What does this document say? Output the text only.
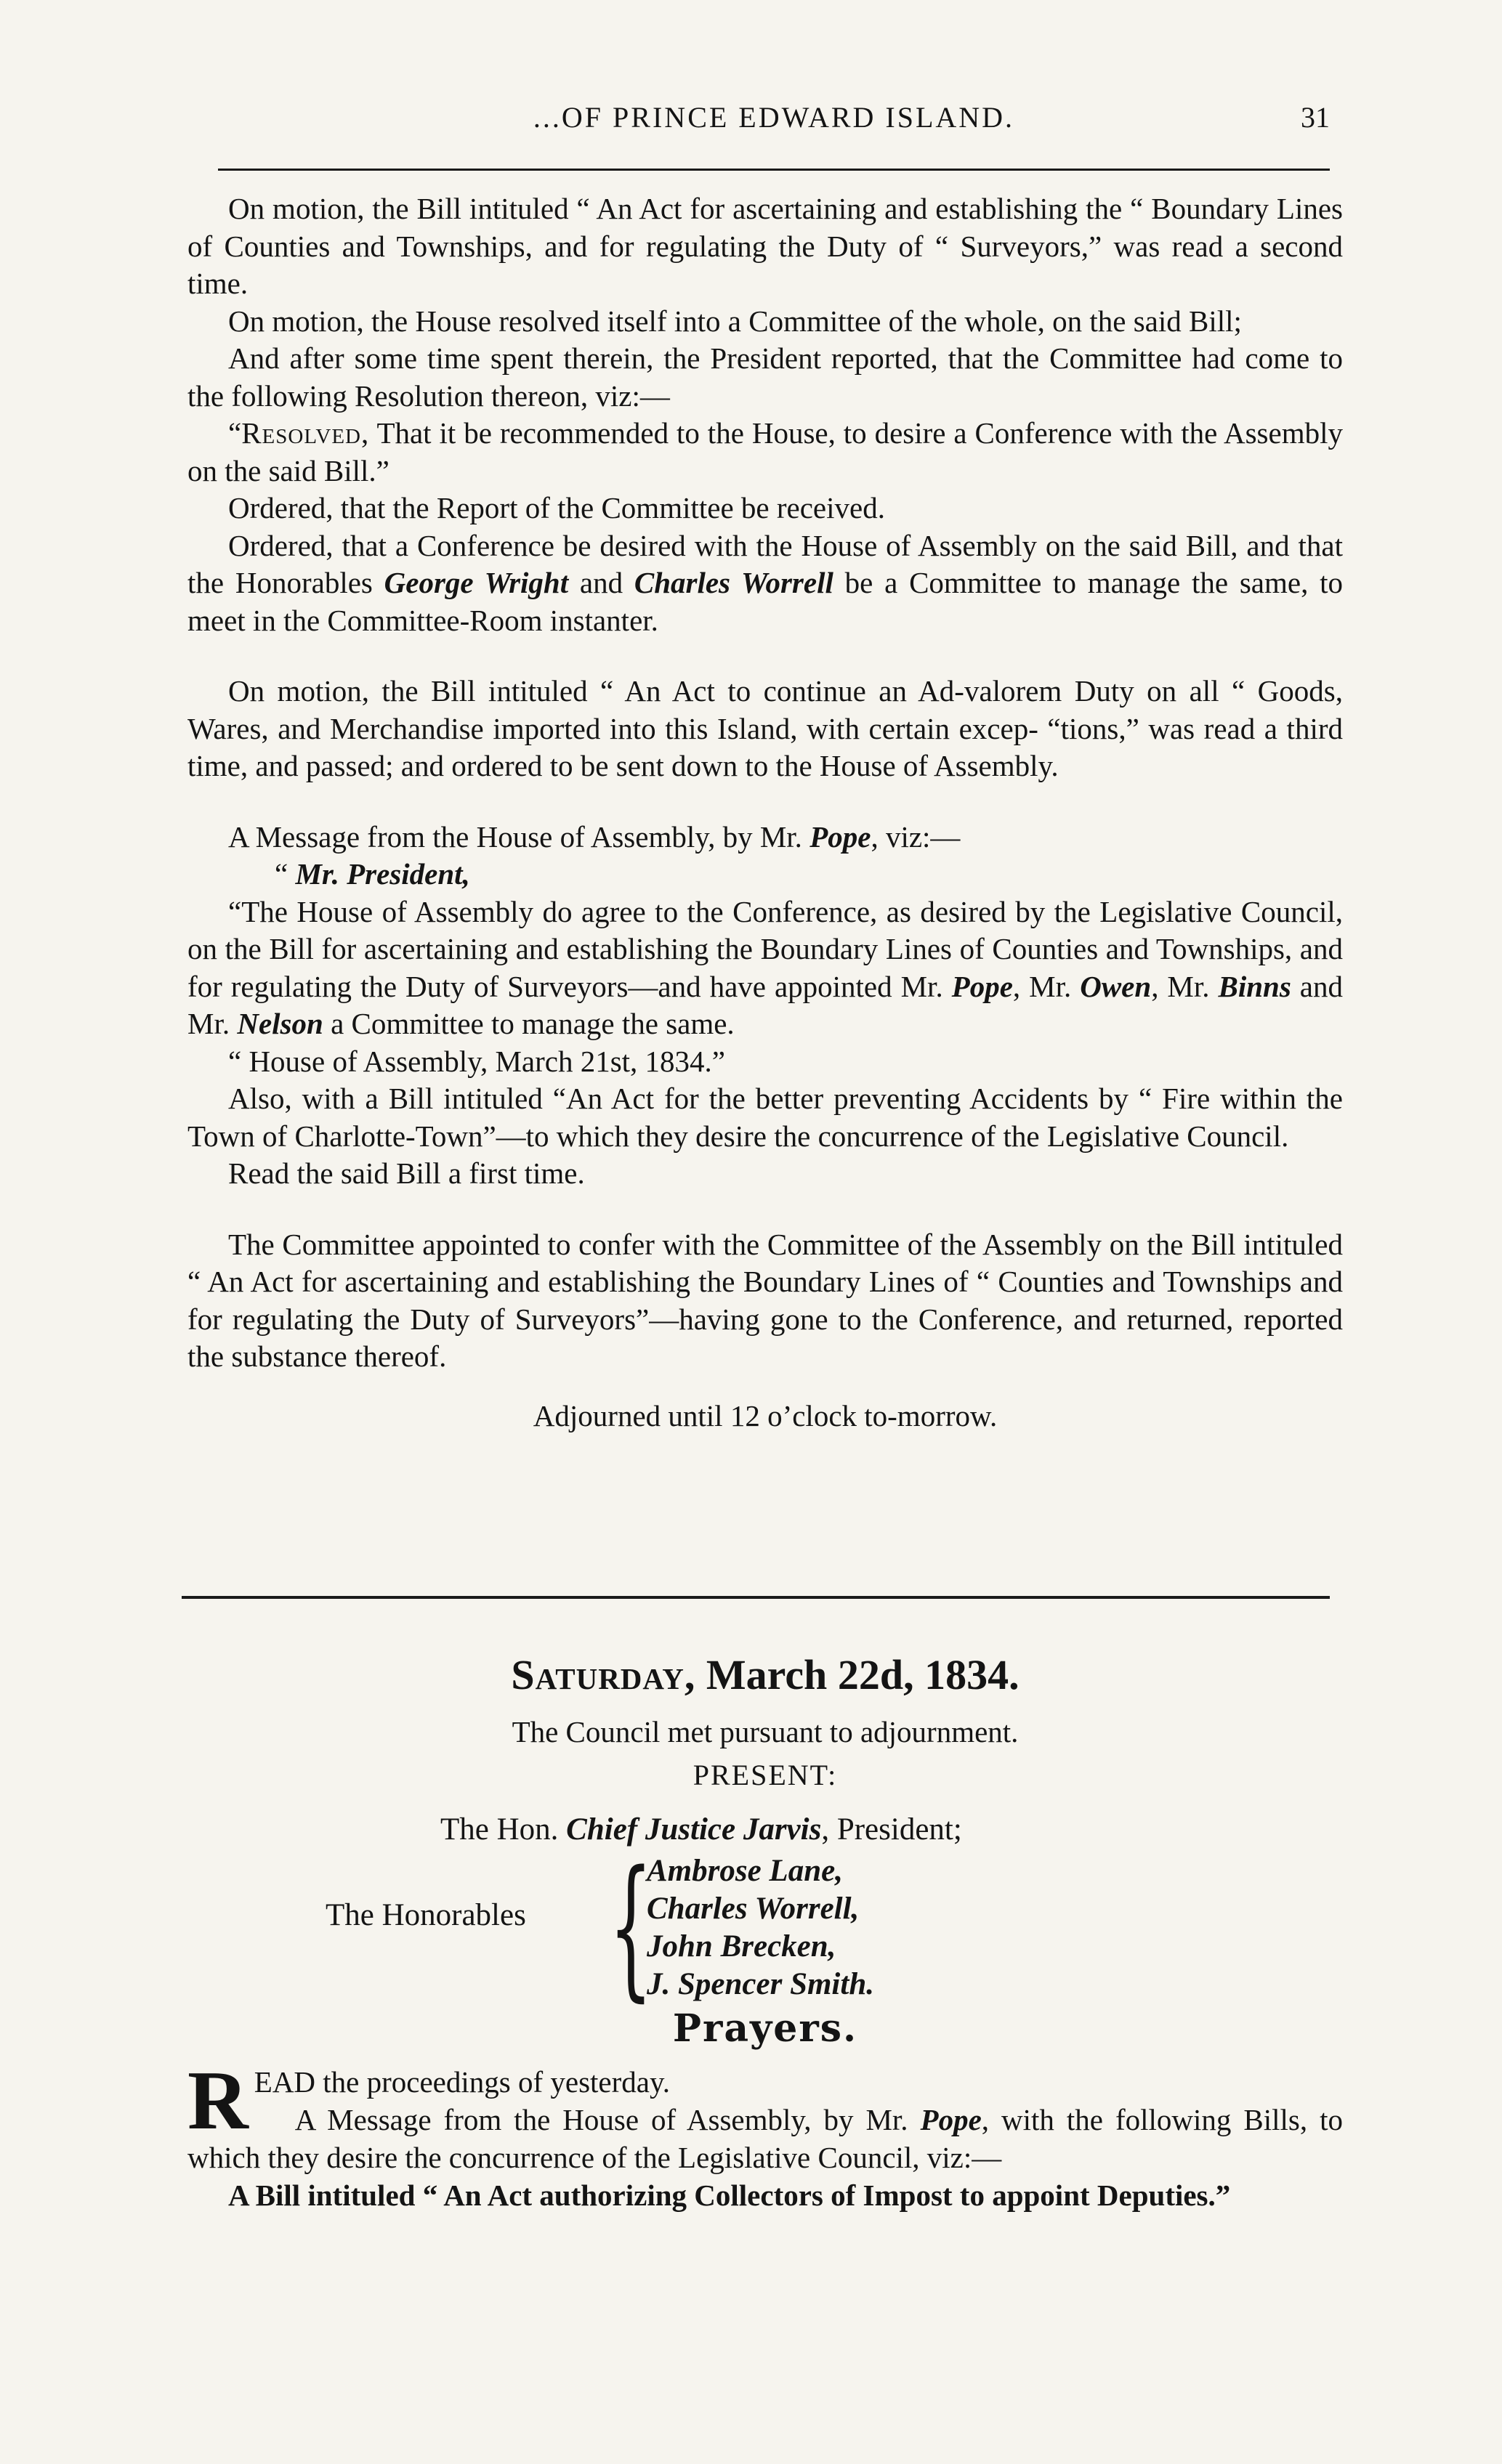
...OF PRINCE EDWARD ISLAND.	31

On motion, the Bill intituled “ An Act for ascertaining and establishing the “ Boundary Lines of Counties and Townships, and for regulating the Duty of “ Surveyors,” was read a second time.

On motion, the House resolved itself into a Committee of the whole, on the said Bill;

And after some time spent therein, the President reported, that the Committee had come to the following Resolution thereon, viz:—

“Resolved, That it be recommended to the House, to desire a Conference with the Assembly on the said Bill.”

Ordered, that the Report of the Committee be received.

Ordered, that a Conference be desired with the House of Assembly on the said Bill, and that the Honorables George Wright and Charles Worrell be a Committee to manage the same, to meet in the Committee-Room instanter.

On motion, the Bill intituled “ An Act to continue an Ad-valorem Duty on all “ Goods, Wares, and Merchandise imported into this Island, with certain excep- “tions,” was read a third time, and passed; and ordered to be sent down to the House of Assembly.

A Message from the House of Assembly, by Mr. Pope, viz:—

“ Mr. President,

“The House of Assembly do agree to the Conference, as desired by the Legislative Council, on the Bill for ascertaining and establishing the Boundary Lines of Counties and Townships, and for regulating the Duty of Surveyors—and have appointed Mr. Pope, Mr. Owen, Mr. Binns and Mr. Nelson a Committee to manage the same.

“ House of Assembly, March 21st, 1834.”

Also, with a Bill intituled “An Act for the better preventing Accidents by “ Fire within the Town of Charlotte-Town”—to which they desire the concurrence of the Legislative Council.

Read the said Bill a first time.

The Committee appointed to confer with the Committee of the Assembly on the Bill intituled “ An Act for ascertaining and establishing the Boundary Lines of “ Counties and Townships and for regulating the Duty of Surveyors”—having gone to the Conference, and returned, reported the substance thereof.

Adjourned until 12 o’clock to-morrow.

Saturday, March 22d, 1834.
The Council met pursuant to adjournment.
PRESENT:
The Hon. Chief Justice Jarvis, President;
The Honorables {
Ambrose Lane,
Charles Worrell,
John Brecken,
J. Spencer Smith.
Prayers.

READ the proceedings of yesterday.

A Message from the House of Assembly, by Mr. Pope, with the following Bills, to which they desire the concurrence of the Legislative Council, viz:—

A Bill intituled “ An Act authorizing Collectors of Impost to appoint Deputies.”
